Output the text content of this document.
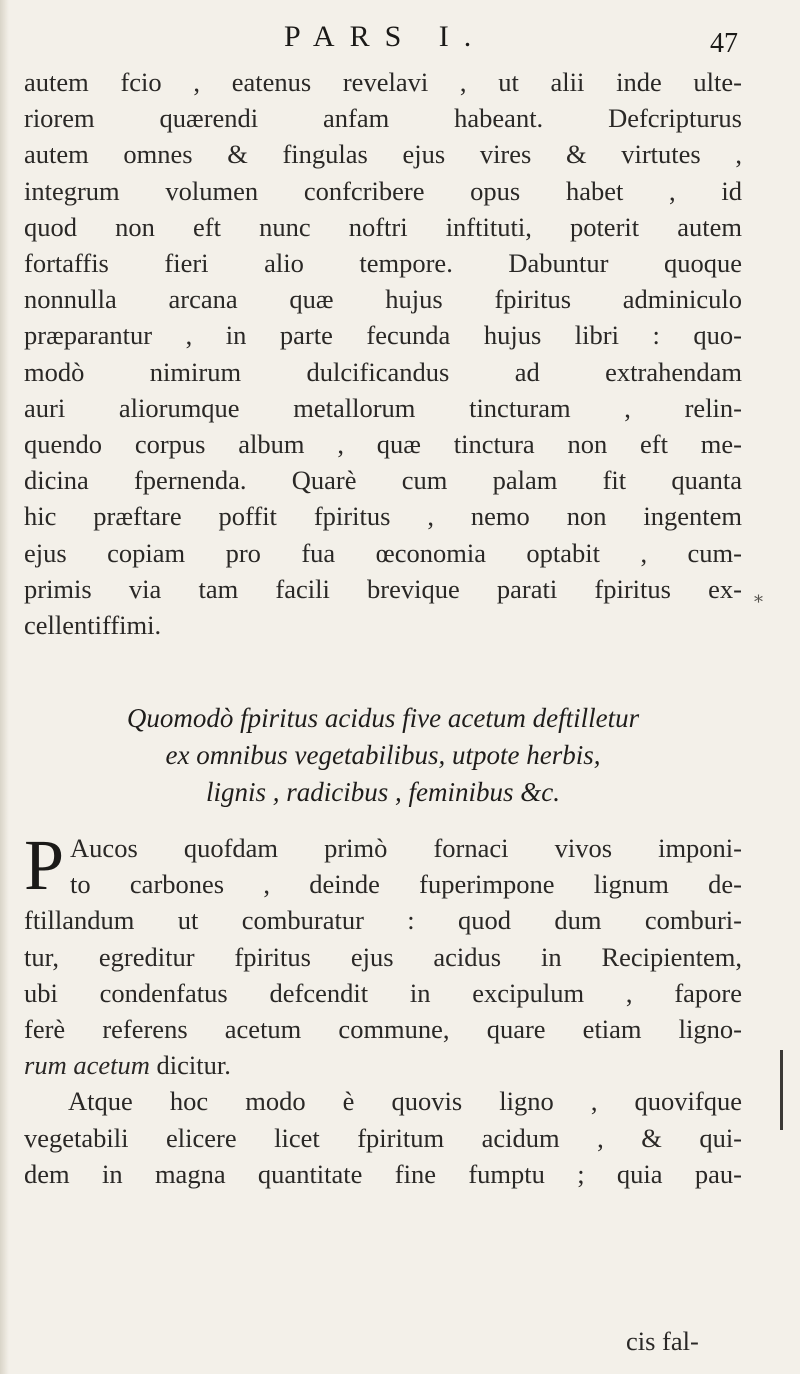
PARS I.	47
autem fcio , eatenus revelavi , ut alii inde ulte-
riorem quærendi anfam habeant. Defcripturus
autem omnes & fingulas ejus vires & virtutes ,
integrum volumen confcribere opus habet , id
quod non eft nunc noftri inftituti, poterit autem
fortaffis fieri alio tempore. Dabuntur quoque
nonnulla arcana quæ hujus fpiritus adminiculo
præparantur , in parte fecunda hujus libri : quo-
modò nimirum dulcificandus ad extrahendam
auri aliorumque metallorum tincturam , relin-
quendo corpus album , quæ tinctura non eft me-
dicina fpernenda. Quarè cum palam fit quanta
hic præftare poffit fpiritus , nemo non ingentem
ejus copiam pro fua œconomia optabit , cum-
primis via tam facili brevique parati fpiritus ex-
cellentiffimi.
*
Quomodò fpiritus acidus five acetum deftilletur
ex omnibus vegetabilibus, utpote herbis,
lignis , radicibus , feminibus &c.
P Aucos quofdam primò fornaci vivos imponi-
to carbones , deinde fuperimpone lignum de-
ftillandum ut comburatur : quod dum comburi-
tur, egreditur fpiritus ejus acidus in Recipientem,
ubi condenfatus defcendit in excipulum , fapore
ferè referens acetum commune, quare etiam ligno-
rum acetum dicitur.
Atque hoc modo è quovis ligno , quovifque
vegetabili elicere licet fpiritum acidum , & qui-
dem in magna quantitate fine fumptu ; quia pau-
cis fal-
